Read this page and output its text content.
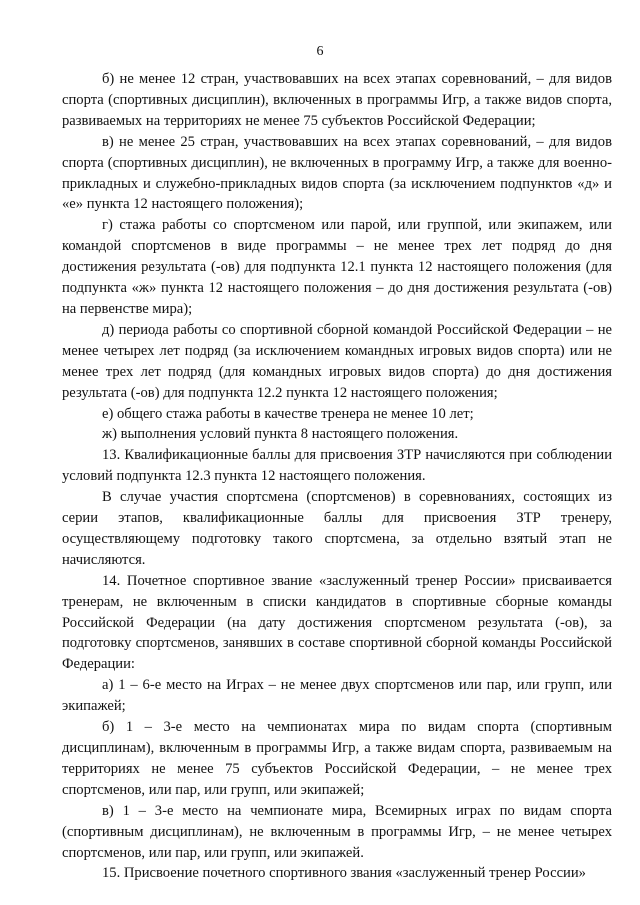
6

б) не менее 12 стран, участвовавших на всех этапах соревнований, – для видов спорта (спортивных дисциплин), включенных в программы Игр, а также видов спорта, развиваемых на территориях не менее 75 субъектов Российской Федерации;

в) не менее 25 стран, участвовавших на всех этапах соревнований, – для видов спорта (спортивных дисциплин), не включенных в программу Игр, а также для военно-прикладных и служебно-прикладных видов спорта (за исключением подпунктов «д» и «е» пункта 12 настоящего положения);

г) стажа работы со спортсменом или парой, или группой, или экипажем, или командой спортсменов в виде программы – не менее трех лет подряд до дня достижения результата (-ов) для подпункта 12.1 пункта 12 настоящего положения (для подпункта «ж» пункта 12 настоящего положения – до дня достижения результата (-ов) на первенстве мира);

д) периода работы со спортивной сборной командой Российской Федерации – не менее четырех лет подряд (за исключением командных игровых видов спорта) или не менее трех лет подряд (для командных игровых видов спорта) до дня достижения результата (-ов) для подпункта 12.2 пункта 12 настоящего положения;

е) общего стажа работы в качестве тренера не менее 10 лет;

ж) выполнения условий пункта 8 настоящего положения.

13. Квалификационные баллы для присвоения ЗТР начисляются при соблюдении условий подпункта 12.3 пункта 12 настоящего положения.

В случае участия спортсмена (спортсменов) в соревнованиях, состоящих из серии этапов, квалификационные баллы для присвоения ЗТР тренеру, осуществляющему подготовку такого спортсмена, за отдельно взятый этап не начисляются.

14. Почетное спортивное звание «заслуженный тренер России» присваивается тренерам, не включенным в списки кандидатов в спортивные сборные команды Российской Федерации (на дату достижения спортсменом результата (-ов), за подготовку спортсменов, занявших в составе спортивной сборной команды Российской Федерации:

а) 1 – 6-е место на Играх – не менее двух спортсменов или пар, или групп, или экипажей;

б) 1 – 3-е место на чемпионатах мира по видам спорта (спортивным дисциплинам), включенным в программы Игр, а также видам спорта, развиваемым на территориях не менее 75 субъектов Российской Федерации, – не менее трех спортсменов, или пар, или групп, или экипажей;

в) 1 – 3-е место на чемпионате мира, Всемирных играх по видам спорта (спортивным дисциплинам), не включенным в программы Игр, – не менее четырех спортсменов, или пар, или групп, или экипажей.

15. Присвоение почетного спортивного звания «заслуженный тренер России»
